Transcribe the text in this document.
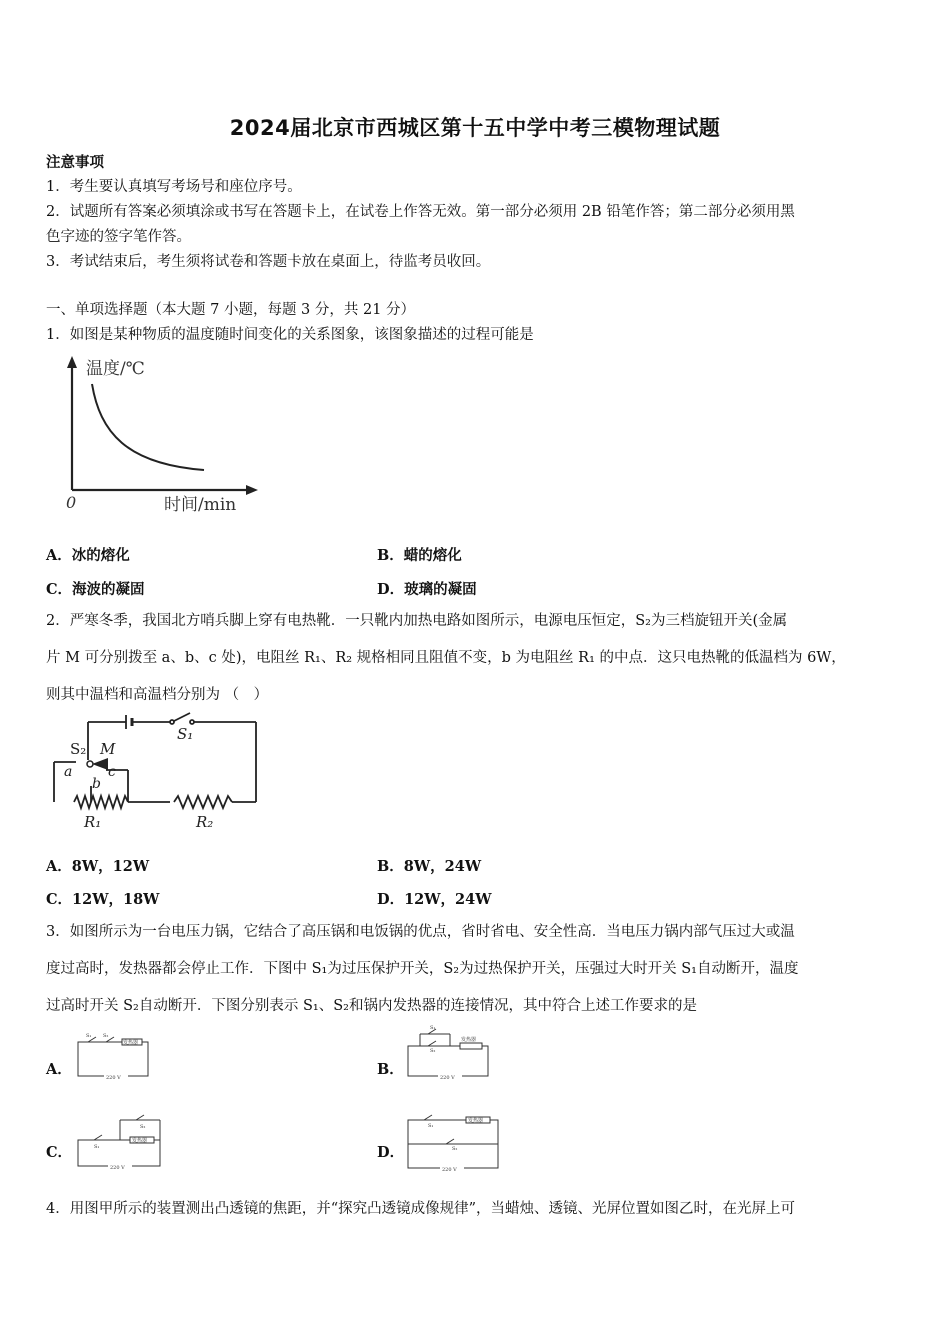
2024届北京市西城区第十五中学中考三模物理试题
注意事项
1．考生要认真填写考场号和座位序号。
2．试题所有答案必须填涂或书写在答题卡上，在试卷上作答无效。第一部分必须用 2B 铅笔作答；第二部分必须用黑
色字迹的签字笔作答。
3．考试结束后，考生须将试卷和答题卡放在桌面上，待监考员收回。
一、单项选择题（本大题 7 小题，每题 3 分，共 21 分）
1．如图是某种物质的温度随时间变化的关系图象，该图象描述的过程可能是
温度/℃
0	时间/min
A．冰的熔化	B．蜡的熔化
C．海波的凝固	D．玻璃的凝固
2．严寒冬季，我国北方哨兵脚上穿有电热靴．一只靴内加热电路如图所示，电源电压恒定，S₂为三档旋钮开关(金属
片 M 可分别拨至 a、b、c 处)，电阻丝 R₁、R₂ 规格相同且阻值不变，b 为电阻丝 R₁ 的中点．这只电热靴的低温档为 6W，
则其中温档和高温档分别为 （　）
S₂ M
a
b
c
S₁
R₁	R₂
A．8W，12W	B．8W，24W
C．12W，18W	D．12W，24W
3．如图所示为一台电压力锅，它结合了高压锅和电饭锅的优点，省时省电、安全性高．当电压力锅内部气压过大或温
度过高时，发热器都会停止工作．下图中 S₁为过压保护开关，S₂为过热保护开关，压强过大时开关 S₁自动断开，温度
过高时开关 S₂自动断开．下图分别表示 S₁、S₂和锅内发热器的连接情况，其中符合上述工作要求的是
A．
S₁ S₂
发热器
220 V	B．
S₁
S₂
发热器
220 V
C．	S₁
S₂
发热器
220 V
D．
S₁
S₂
发热器
220 V
4．用图甲所示的装置测出凸透镜的焦距，并“探究凸透镜成像规律”，当蜡烛、透镜、光屏位置如图乙时，在光屏上可
